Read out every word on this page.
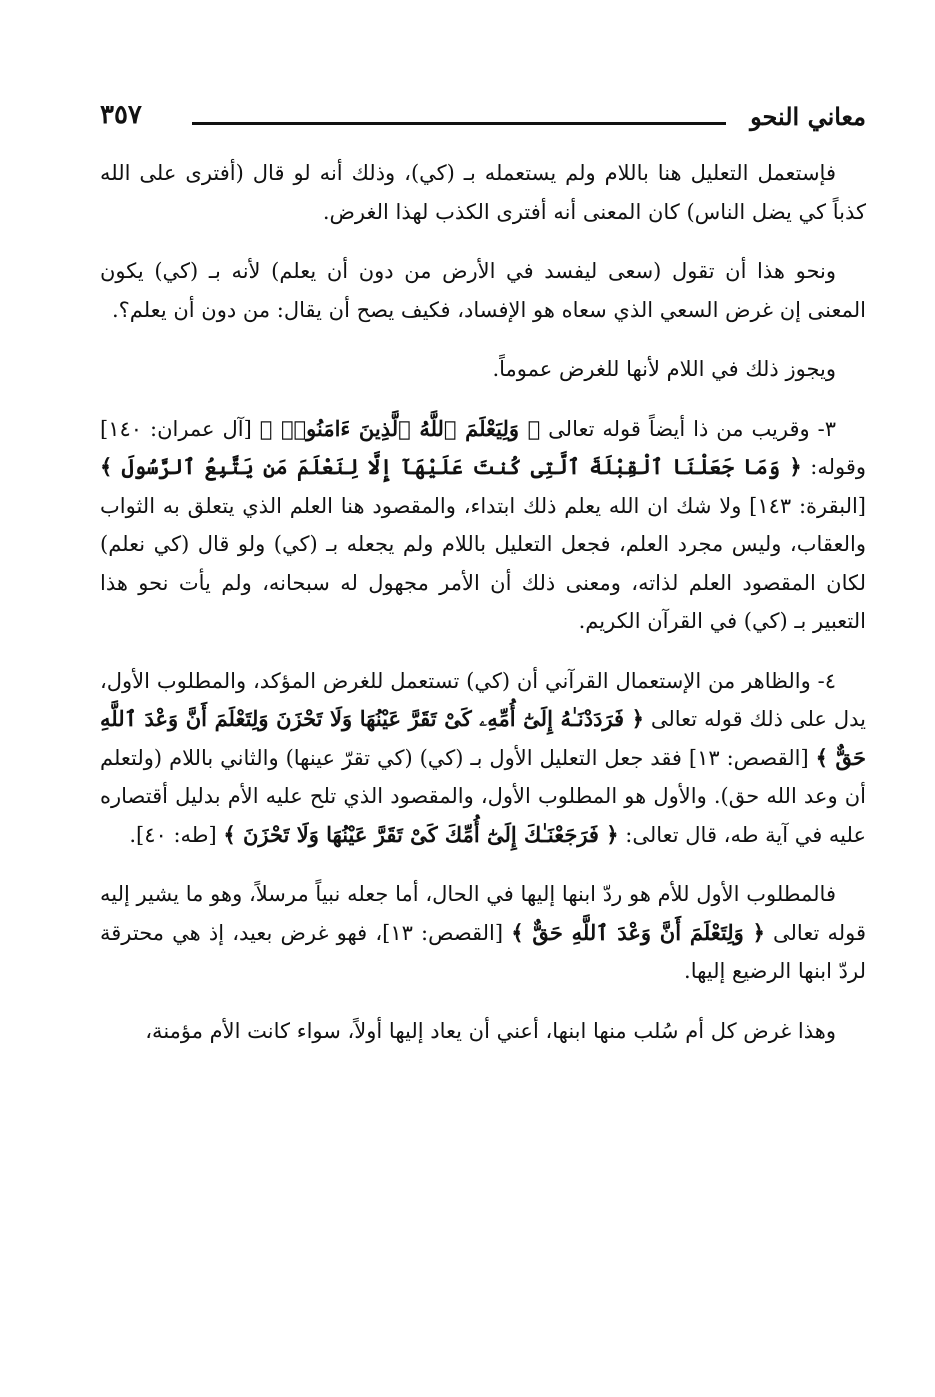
معاني النحو
٣٥٧

فإستعمل التعليل هنا باللام ولم يستعمله بـ (كي)، وذلك أنه لو قال (أفترى على الله كذباً كي يضل الناس) كان المعنى أنه أفترى الكذب لهذا الغرض.

ونحو هذا أن تقول (سعى ليفسد في الأرض من دون أن يعلم) لأنه بـ (كي) يكون المعنى إن غرض السعي الذي سعاه هو الإفساد، فكيف يصح أن يقال: من دون أن يعلم؟.

ويجوز ذلك في اللام لأنها للغرض عموماً.

٣- وقريب من ذا أيضاً قوله تعالى ﴿ وَلِيَعْلَمَ ٱللَّهُ ٱلَّذِينَ ءَامَنُوا۟ ﴾ [آل عمران: ١٤٠] وقوله: ﴿ وَمَا جَعَلْنَا ٱلْقِبْلَةَ ٱلَّتِى كُنتَ عَلَيْهَآ إِلَّا لِنَعْلَمَ مَن يَتَّبِعُ ٱلرَّسُولَ ﴾ [البقرة: ١٤٣] ولا شك ان الله يعلم ذلك ابتداء، والمقصود هنا العلم الذي يتعلق به الثواب والعقاب، وليس مجرد العلم، فجعل التعليل باللام ولم يجعله بـ (كي) ولو قال (كي نعلم) لكان المقصود العلم لذاته، ومعنى ذلك أن الأمر مجهول له سبحانه، ولم يأت نحو هذا التعبير بـ (كي) في القرآن الكريم.

٤- والظاهر من الإستعمال القرآني أن (كي) تستعمل للغرض المؤكد، والمطلوب الأول، يدل على ذلك قوله تعالى ﴿ فَرَدَدْنَـٰهُ إِلَىٰٓ أُمِّهِۦ كَىْ تَقَرَّ عَيْنُهَا وَلَا تَحْزَنَ وَلِتَعْلَمَ أَنَّ وَعْدَ ٱللَّهِ حَقٌّ ﴾ [القصص: ١٣] فقد جعل التعليل الأول بـ (كي) (كي تقرّ عينها) والثاني باللام (ولتعلم أن وعد الله حق). والأول هو المطلوب الأول، والمقصود الذي تلح عليه الأم بدليل أقتصاره عليه في آية طه، قال تعالى: ﴿ فَرَجَعْنَـٰكَ إِلَىٰٓ أُمِّكَ كَىْ تَقَرَّ عَيْنُهَا وَلَا تَحْزَنَ ﴾ [طه: ٤٠].

فالمطلوب الأول للأم هو ردّ ابنها إليها في الحال، أما جعله نبياً مرسلاً، وهو ما يشير إليه قوله تعالى ﴿ وَلِتَعْلَمَ أَنَّ وَعْدَ ٱللَّهِ حَقٌّ ﴾ [القصص: ١٣]، فهو غرض بعيد، إذ هي محترقة لردّ ابنها الرضيع إليها.

وهذا غرض كل أم سُلب منها ابنها، أعني أن يعاد إليها أولاً، سواء كانت الأم مؤمنة،
